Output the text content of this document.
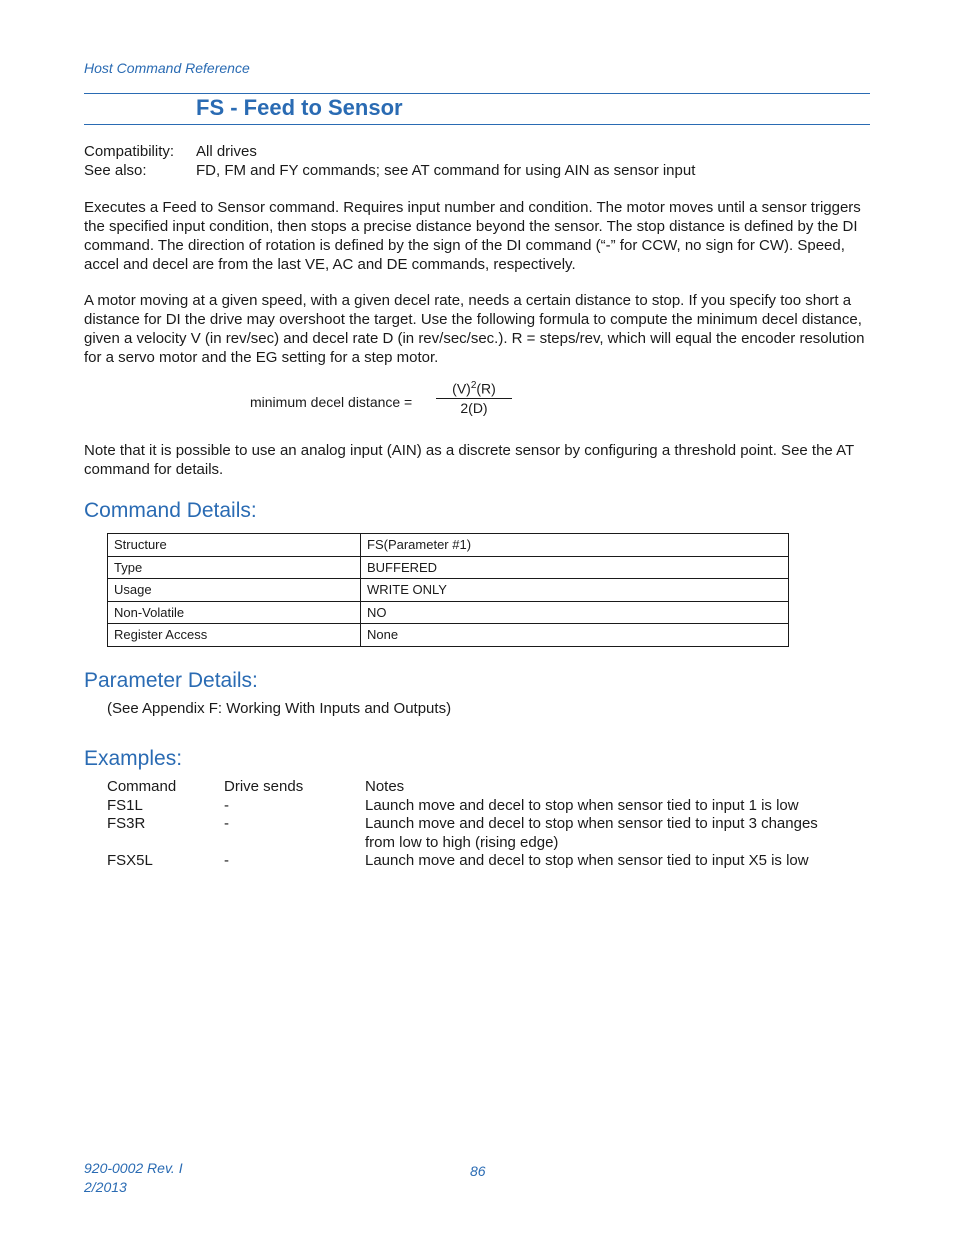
Host Command Reference
FS - Feed to Sensor
Compatibility:	All drives
See also:	FD, FM and FY commands; see AT command for using AIN as sensor input
Executes a Feed to Sensor command. Requires input number and condition. The motor moves until a sensor triggers the specified input condition, then stops a precise distance beyond the sensor. The stop distance is defined by the DI command. The direction of rotation is defined by the sign of the DI command (“-” for CCW, no sign for CW). Speed, accel and decel are from the last VE, AC and DE commands, respectively.
A motor moving at a given speed, with a given decel rate, needs a certain distance to stop. If you specify too short a distance for DI the drive may overshoot the target. Use the following formula to compute the minimum decel distance, given a velocity V (in rev/sec) and decel rate D (in rev/sec/sec.). R = steps/rev, which will equal the encoder resolution for a servo motor and the EG setting for a step motor.
minimum decel distance = $\frac{(V)^2(R)}{2(D)}$
Note that it is possible to use an analog input (AIN) as a discrete sensor by configuring a threshold point. See the AT command for details.
Command Details:
Structure	FS(Parameter #1)
Type	BUFFERED
Usage	WRITE ONLY
Non-Volatile	NO
Register Access	None
Parameter Details:
(See Appendix F: Working With Inputs and Outputs)
Examples:
Command	Drive sends	Notes
FS1L	-	Launch move and decel to stop when sensor tied to input 1 is low
FS3R	-	Launch move and decel to stop when sensor tied to input 3 changes from low to high (rising edge)
FSX5L	-	Launch move and decel to stop when sensor tied to input X5 is low
920-0002 Rev. I
2/2013
86
